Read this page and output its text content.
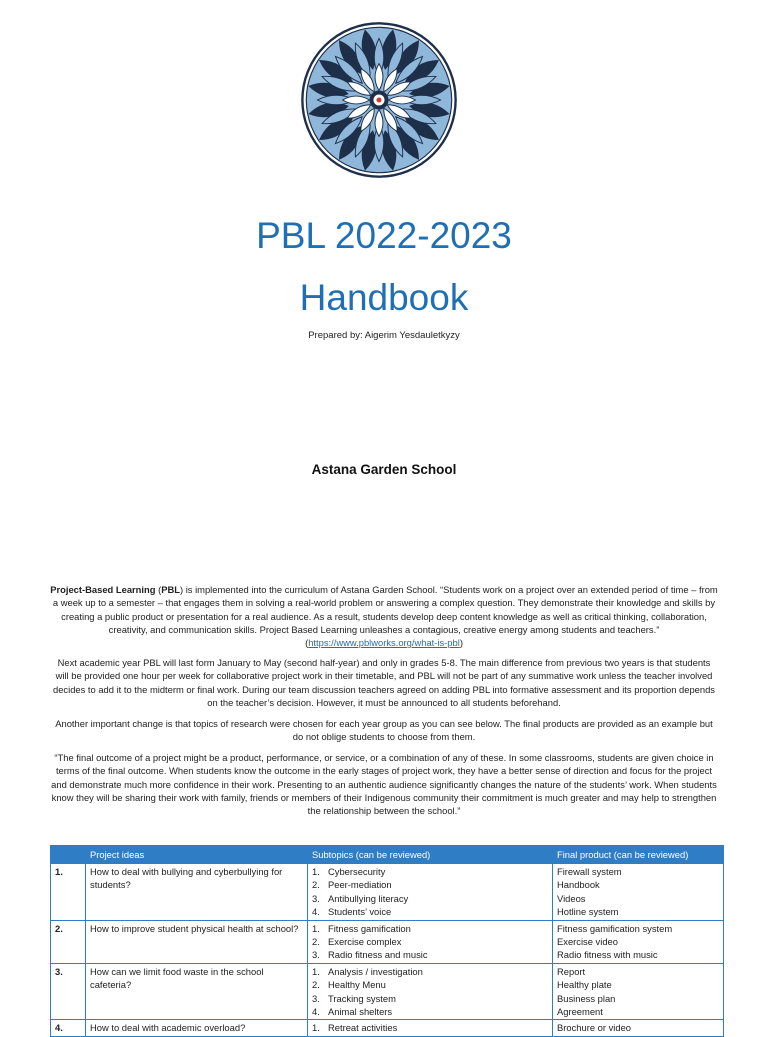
PBL 2022-2023
Handbook
Prepared by: Aigerim Yesdauletkyzy
Astana Garden School

Project-Based Learning (PBL) is implemented into the curriculum of Astana Garden School. “Students work on a project over an extended period of time – from a week up to a semester – that engages them in solving a real-world problem or answering a complex question. They demonstrate their knowledge and skills by creating a public product or presentation for a real audience. As a result, students develop deep content knowledge as well as critical thinking, collaboration, creativity, and communication skills. Project Based Learning unleashes a contagious, creative energy among students and teachers.” (https://www.pblworks.org/what-is-pbl)

Next academic year PBL will last form January to May (second half-year) and only in grades 5-8. The main difference from previous two years is that students will be provided one hour per week for collaborative project work in their timetable, and PBL will not be part of any summative work unless the teacher involved decides to add it to the midterm or final work. During our team discussion teachers agreed on adding PBL into formative assessment and its proportion depends on the teacher’s decision. However, it must be announced to all students beforehand.

Another important change is that topics of research were chosen for each year group as you can see below. The final products are provided as an example but do not oblige students to choose from them.

“The final outcome of a project might be a product, performance, or service, or a combination of any of these. In some classrooms, students are given choice in terms of the final outcome. When students know the outcome in the early stages of project work, they have a better sense of direction and focus for the project and demonstrate much more confidence in their work. Presenting to an authentic audience significantly changes the nature of the students’ work. When students know they will be sharing their work with family, friends or members of their Indigenous community their commitment is much greater and may help to strengthen the relationship between the school.”

	Project ideas	Subtopics (can be reviewed)	Final product (can be reviewed)
1.	How to deal with bullying and cyberbullying for students?	1. Cybersecurity
2. Peer-mediation
3. Antibullying literacy
4. Students’ voice	Firewall system
Handbook
Videos
Hotline system

2.	How to improve student physical health at school?	1. Fitness gamification
2. Exercise complex
3. Radio fitness and music	Fitness gamification system
Exercise video
Radio fitness with music

3.	How can we limit food waste in the school cafeteria?	1. Analysis / investigation
2. Healthy Menu
3. Tracking system
4. Animal shelters	Report
Healthy plate
Business plan
Agreement

4.	How to deal with academic overload?	1. Retreat activities	Brochure or video
